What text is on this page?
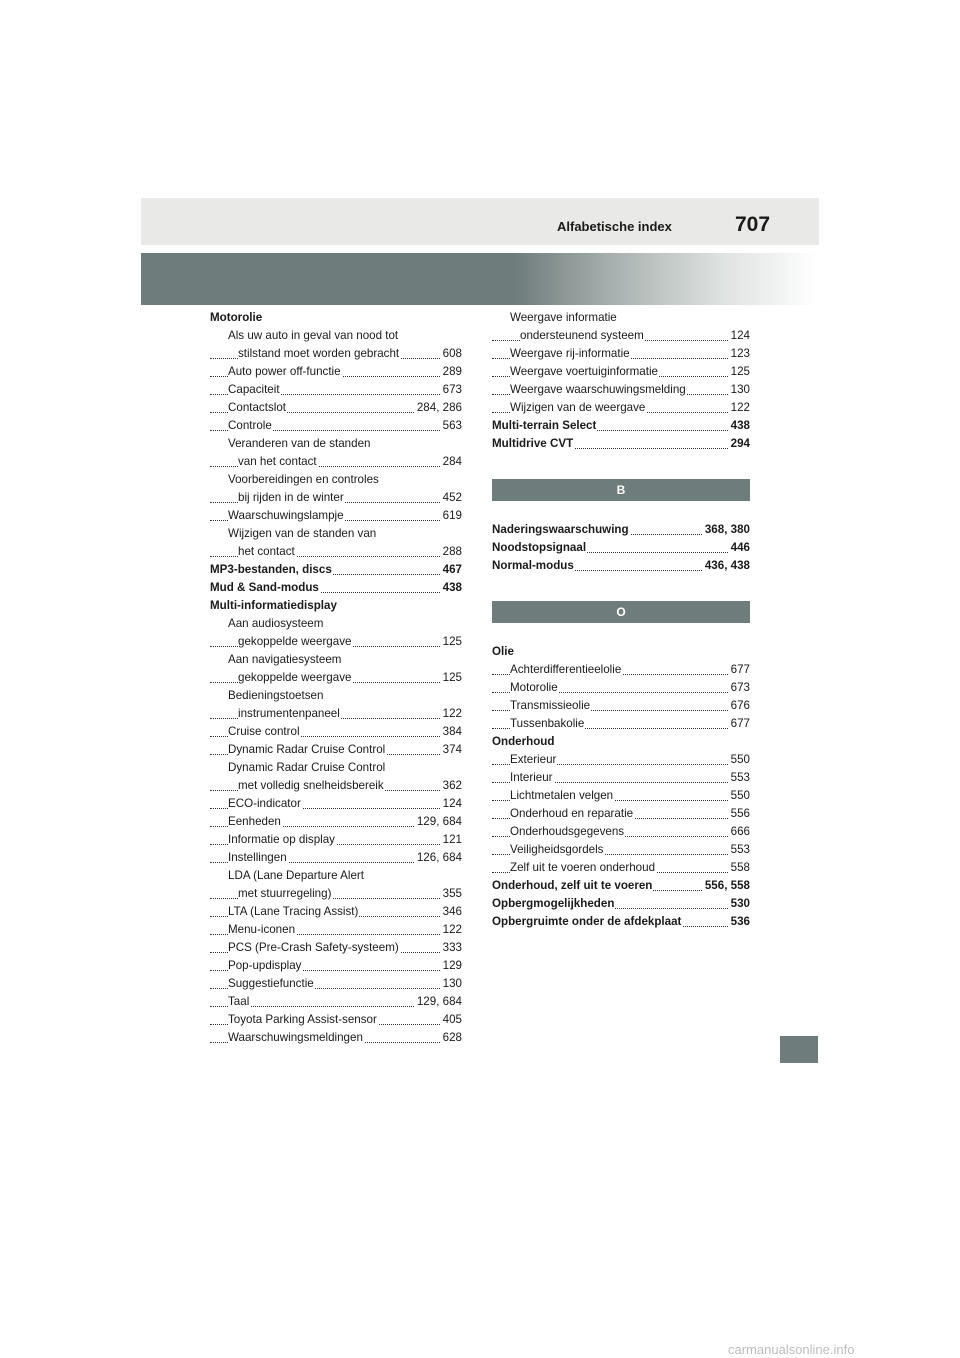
Alfabetische index	707
Motorolie
Als uw auto in geval van nood tot
stilstand moet worden gebracht	608
Auto power off-functie	289
Capaciteit	673
Contactslot	284, 286
Controle	563
Veranderen van de standen
van het contact	284
Voorbereidingen en controles
bij rijden in de winter	452
Waarschuwingslampje	619
Wijzigen van de standen van
het contact	288
MP3-bestanden, discs	467
Mud & Sand-modus	438
Multi-informatiedisplay
Aan audiosysteem
gekoppelde weergave	125
Aan navigatiesysteem
gekoppelde weergave	125
Bedieningstoetsen
instrumentenpaneel	122
Cruise control	384
Dynamic Radar Cruise Control	374
Dynamic Radar Cruise Control
met volledig snelheidsbereik	362
ECO-indicator	124
Eenheden	129, 684
Informatie op display	121
Instellingen	126, 684
LDA (Lane Departure Alert
met stuurregeling)	355
LTA (Lane Tracing Assist)	346
Menu-iconen	122
PCS (Pre-Crash Safety-systeem)	333
Pop-updisplay	129
Suggestiefunctie	130
Taal	129, 684
Toyota Parking Assist-sensor	405
Waarschuwingsmeldingen	628
Weergave informatie
ondersteunend systeem	124
Weergave rij-informatie	123
Weergave voertuiginformatie	125
Weergave waarschuwingsmelding	130
Wijzigen van de weergave	122
Multi-terrain Select	438
Multidrive CVT	294
B
Naderingswaarschuwing	368, 380
Noodstopsignaal	446
Normal-modus	436, 438
O
Olie
Achterdifferentieelolie	677
Motorolie	673
Transmissieolie	676
Tussenbakolie	677
Onderhoud
Exterieur	550
Interieur	553
Lichtmetalen velgen	550
Onderhoud en reparatie	556
Onderhoudsgegevens	666
Veiligheidsgordels	553
Zelf uit te voeren onderhoud	558
Onderhoud, zelf uit te voeren	556, 558
Opbergmogelijkheden	530
Opbergruimte onder de afdekplaat	536
carmanualsonline.info
